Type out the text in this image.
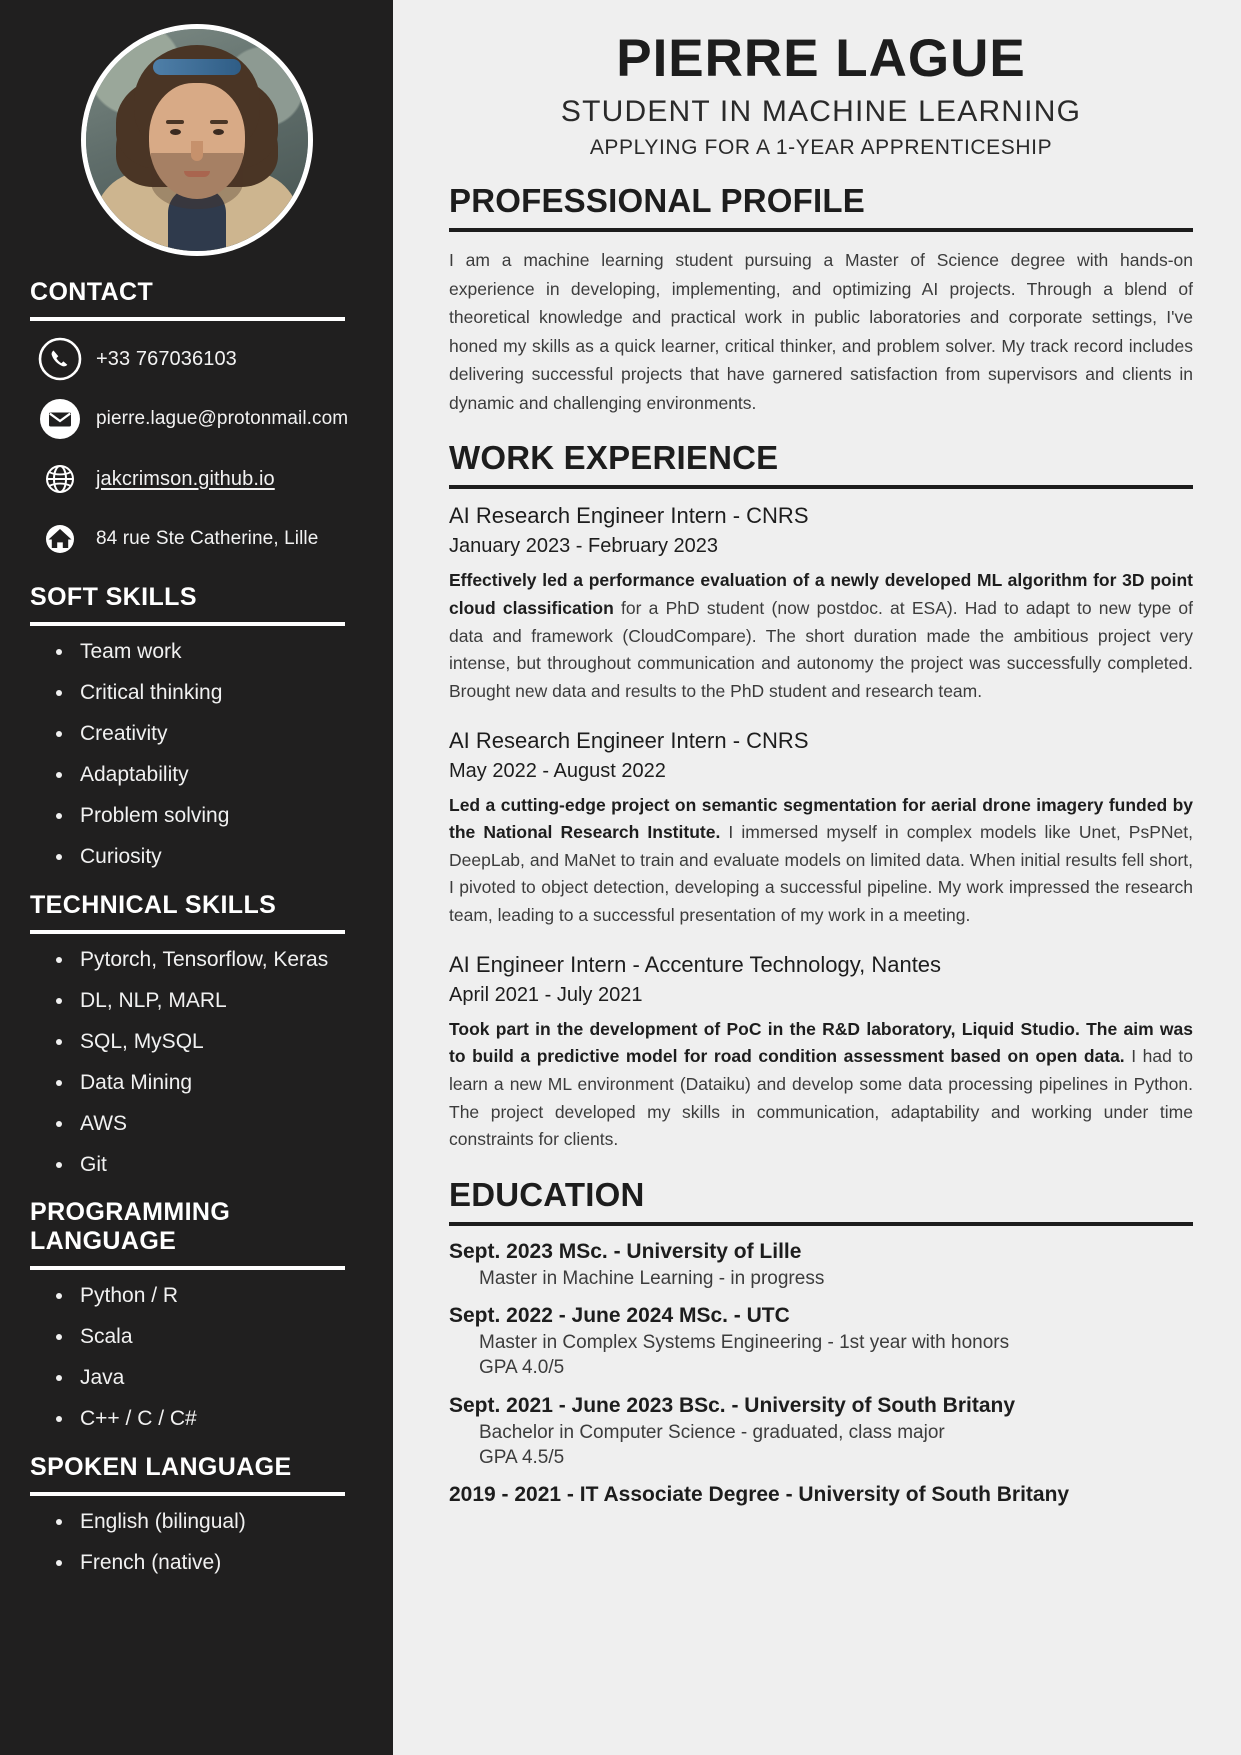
CONTACT
+33 767036103
pierre.lague@protonmail.com
jakcrimson.github.io
84 rue Ste Catherine, Lille
SOFT SKILLS
Team work
Critical thinking
Creativity
Adaptability
Problem solving
Curiosity
TECHNICAL SKILLS
Pytorch, Tensorflow, Keras
DL, NLP, MARL
SQL, MySQL
Data Mining
AWS
Git
PROGRAMMING LANGUAGE
Python / R
Scala
Java
C++ / C / C#
SPOKEN LANGUAGE
English (bilingual)
French (native)
PIERRE LAGUE
STUDENT IN MACHINE LEARNING
APPLYING FOR A 1-YEAR APPRENTICESHIP
PROFESSIONAL PROFILE

I am a machine learning student pursuing a Master of Science degree with hands-on experience in developing, implementing, and optimizing AI projects. Through a blend of theoretical knowledge and practical work in public laboratories and corporate settings, I've honed my skills as a quick learner, critical thinker, and problem solver. My track record includes delivering successful projects that have garnered satisfaction from supervisors and clients in dynamic and challenging environments.

WORK EXPERIENCE
AI Research Engineer Intern - CNRS
January 2023 - February 2023
Effectively led a performance evaluation of a newly developed ML algorithm for 3D point cloud classification for a PhD student (now postdoc. at ESA). Had to adapt to new type of data and framework (CloudCompare). The short duration made the ambitious project very intense, but throughout communication and autonomy the project was successfully completed. Brought new data and results to the PhD student and research team.
AI Research Engineer Intern - CNRS
May 2022 - August 2022
Led a cutting-edge project on semantic segmentation for aerial drone imagery funded by the National Research Institute. I immersed myself in complex models like Unet, PsPNet, DeepLab, and MaNet to train and evaluate models on limited data. When initial results fell short, I pivoted to object detection, developing a successful pipeline. My work impressed the research team, leading to a successful presentation of my work in a meeting.
AI Engineer Intern - Accenture Technology, Nantes
April 2021 - July 2021
Took part in the development of PoC in the R&D laboratory, Liquid Studio. The aim was to build a predictive model for road condition assessment based on open data. I had to learn a new ML environment (Dataiku) and develop some data processing pipelines in Python. The project developed my skills in communication, adaptability and working under time constraints for clients.
EDUCATION
Sept. 2023 MSc. - University of Lille
Master in Machine Learning - in progress
Sept. 2022 - June 2024 MSc. - UTC
Master in Complex Systems Engineering - 1st year with honors
GPA 4.0/5
Sept. 2021 - June 2023 BSc. - University of South Britany
Bachelor in Computer Science - graduated, class major
GPA 4.5/5
2019 - 2021 - IT Associate Degree - University of South Britany
